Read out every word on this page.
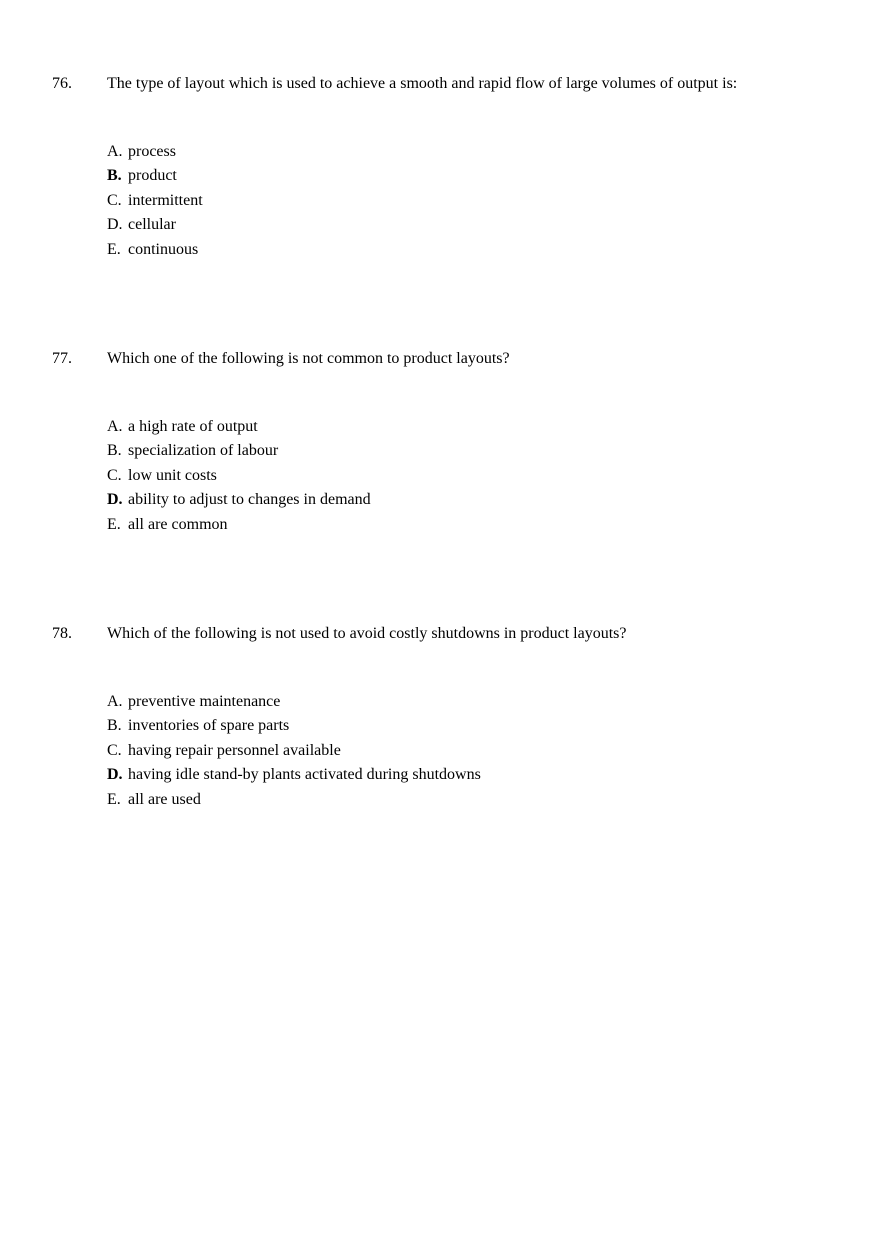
76. The type of layout which is used to achieve a smooth and rapid flow of large volumes of output is:
A. process
B. product
C. intermittent
D. cellular
E. continuous
77. Which one of the following is not common to product layouts?
A. a high rate of output
B. specialization of labour
C. low unit costs
D. ability to adjust to changes in demand
E. all are common
78. Which of the following is not used to avoid costly shutdowns in product layouts?
A. preventive maintenance
B. inventories of spare parts
C. having repair personnel available
D. having idle stand-by plants activated during shutdowns
E. all are used
